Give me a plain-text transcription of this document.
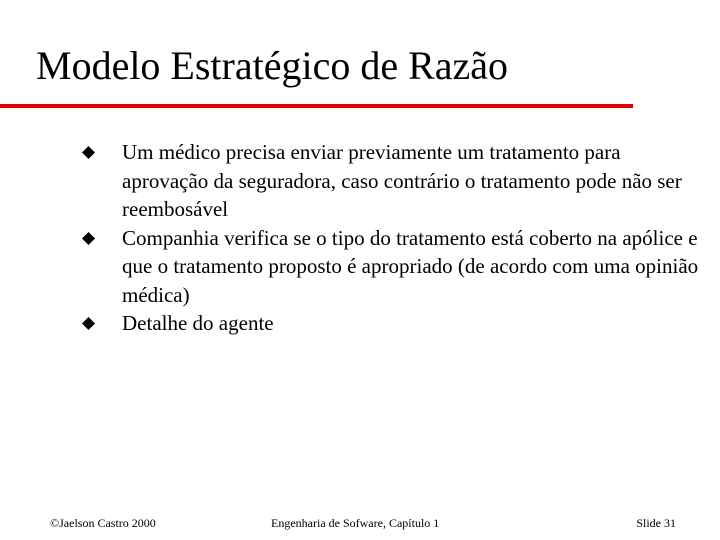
Modelo Estratégico de Razão
Um médico precisa enviar previamente um tratamento para aprovação da seguradora, caso contrário o tratamento pode não ser reembosável
Companhia verifica se o tipo do tratamento está coberto na apólice e que o tratamento proposto é apropriado (de acordo com uma opinião médica)
Detalhe do agente
©Jaelson Castro 2000	Engenharia de Sofware, Capítulo 1	Slide 31
